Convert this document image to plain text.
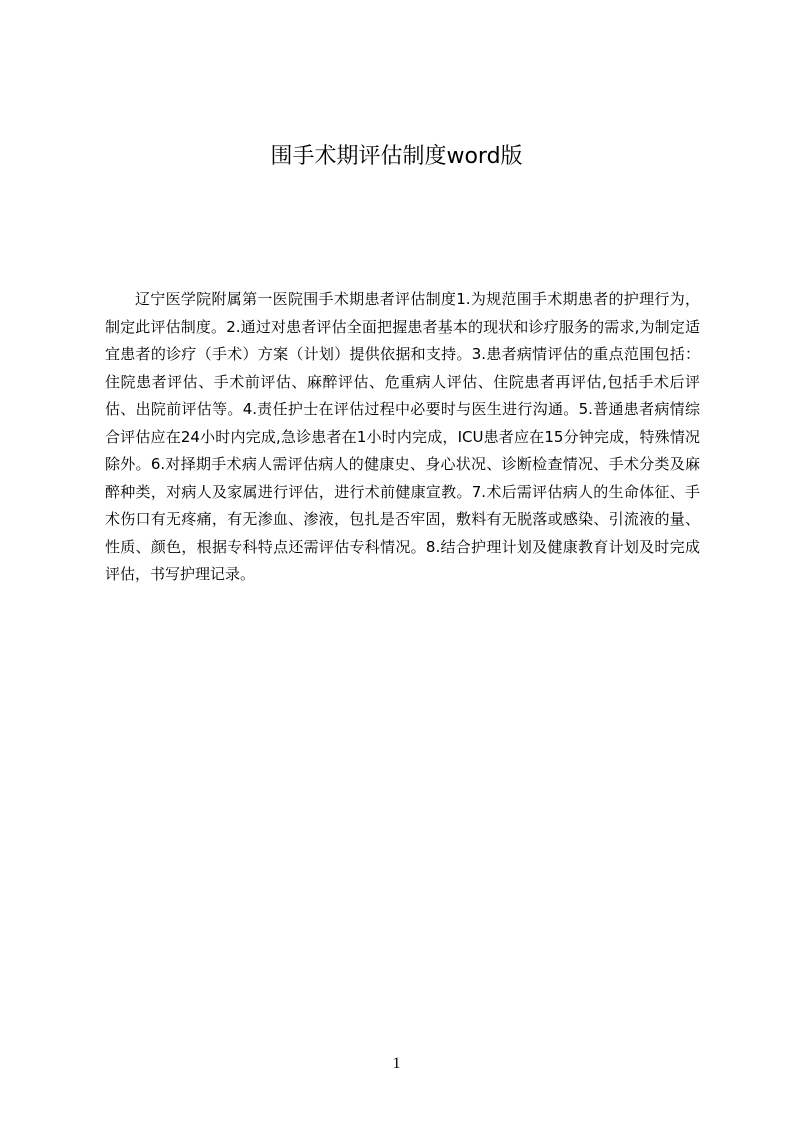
围手术期评估制度word版
辽宁医学院附属第一医院围手术期患者评估制度1.为规范围手术期患者的护理行为，制定此评估制度。2.通过对患者评估全面把握患者基本的现状和诊疗服务的需求,为制定适宜患者的诊疗（手术）方案（计划）提供依据和支持。3.患者病情评估的重点范围包括：住院患者评估、手术前评估、麻醉评估、危重病人评估、住院患者再评估,包括手术后评估、出院前评估等。4.责任护士在评估过程中必要时与医生进行沟通。5.普通患者病情综合评估应在24小时内完成,急诊患者在1小时内完成，ICU患者应在15分钟完成，特殊情况除外。6.对择期手术病人需评估病人的健康史、身心状况、诊断检查情况、手术分类及麻醉种类，对病人及家属进行评估，进行术前健康宣教。7.术后需评估病人的生命体征、手术伤口有无疼痛，有无渗血、渗液，包扎是否牢固，敷料有无脱落或感染、引流液的量、性质、颜色，根据专科特点还需评估专科情况。8.结合护理计划及健康教育计划及时完成评估，书写护理记录。
1
